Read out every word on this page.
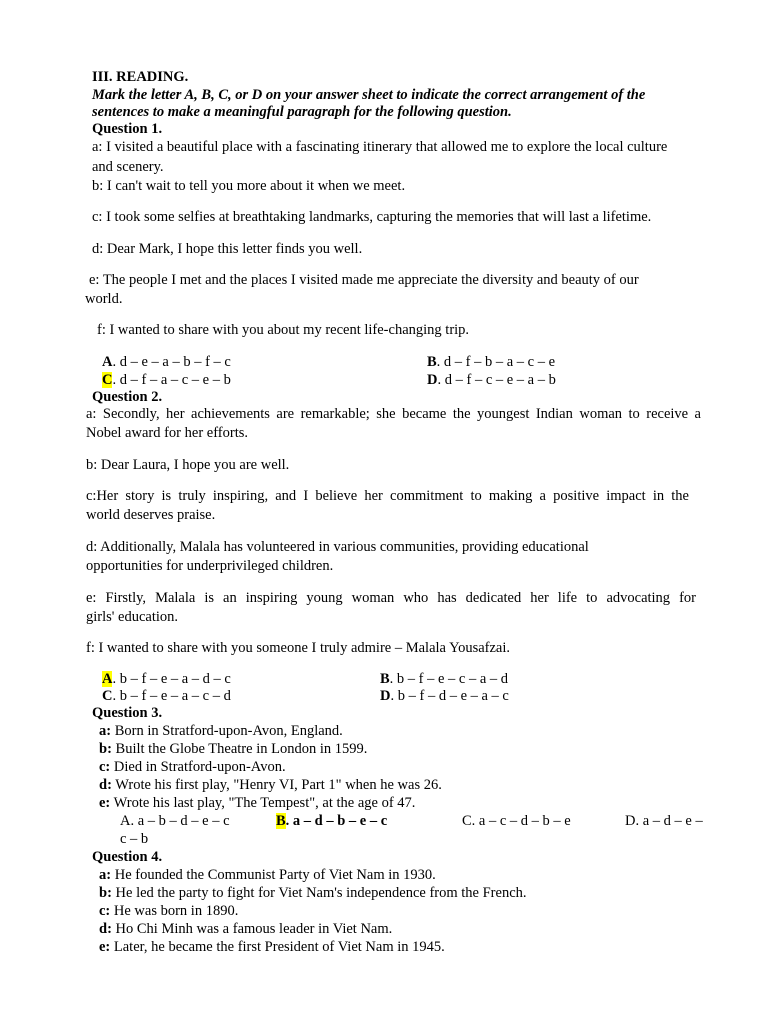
III. READING.
Mark the letter A, B, C, or D on your answer sheet to indicate the correct arrangement of the
sentences to make a meaningful paragraph for the following question.
Question 1.
a: I visited a beautiful place with a fascinating itinerary that allowed me to explore the local culture
and scenery.
b: I can't wait to tell you more about it when we meet.
c: I took some selfies at breathtaking landmarks, capturing the memories that will last a lifetime.
d: Dear Mark, I hope this letter finds you well.
e: The people I met and the places I visited made me appreciate the diversity and beauty of our
world.
f: I wanted to share with you about my recent life-changing trip.
A. d – e – a – b – f – c	B. d – f – b – a – c – e
C. d – f – a – c – e – b	D. d – f – c – e – a – b
Question 2.
a: Secondly, her achievements are remarkable; she became the youngest Indian woman to receive a
Nobel award for her efforts.
b: Dear Laura, I hope you are well.
c:Her story is truly inspiring, and I believe her commitment to making a positive impact in the
world deserves praise.
d: Additionally, Malala has volunteered in various communities, providing educational
opportunities for underprivileged children.
e: Firstly, Malala is an inspiring young woman who has dedicated her life to advocating for
girls' education.
f: I wanted to share with you someone I truly admire – Malala Yousafzai.
A. b – f – e – a – d – c	B. b – f – e – c – a – d
C. b – f – e – a – c – d	D. b – f – d – e – a – c
Question 3.
a: Born in Stratford-upon-Avon, England.
b: Built the Globe Theatre in London in 1599.
c: Died in Stratford-upon-Avon.
d: Wrote his first play, "Henry VI, Part 1" when he was 26.
e: Wrote his last play, "The Tempest", at the age of 47.
A. a – b – d – e – c	B. a – d – b – e – c	C. a – c – d – b – e	D. a – d – e –
c – b
Question 4.
a: He founded the Communist Party of Viet Nam in 1930.
b: He led the party to fight for Viet Nam's independence from the French.
c: He was born in 1890.
d: Ho Chi Minh was a famous leader in Viet Nam.
e: Later, he became the first President of Viet Nam in 1945.
